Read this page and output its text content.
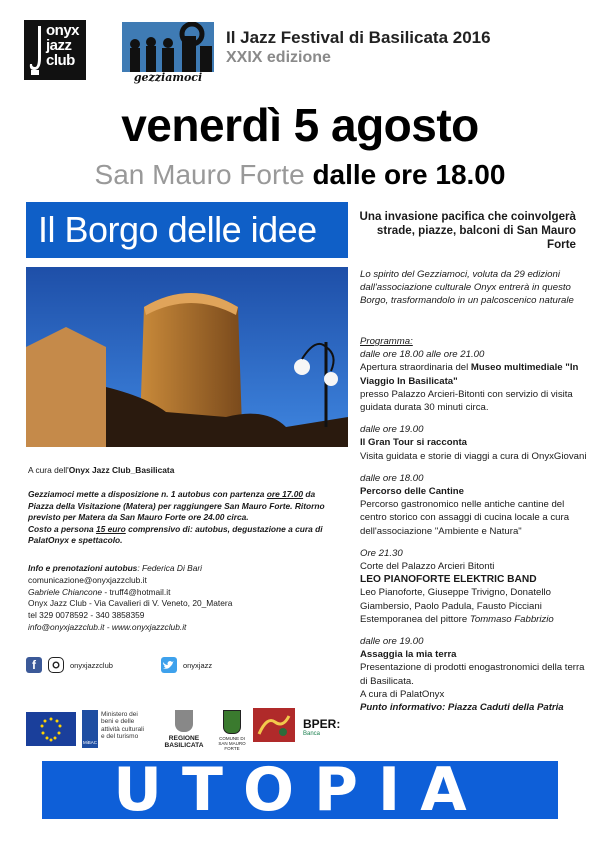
onyx jazz club
gezziamoci
Il Jazz Festival di Basilicata 2016
XXIX edizione
venerdì 5 agosto
San Mauro Forte dalle ore 18.00
Il Borgo delle idee	Una invasione pacifica che coinvolgerà strade, piazze, balconi di San Mauro Forte
Lo spirito del Gezziamoci, voluta da 29 edizioni dall'associazione culturale Onyx entrerà in questo Borgo, trasformandolo in un palcoscenico naturale
Programma:
dalle ore 18.00 alle ore 21.00
Apertura straordinaria del Museo multimediale "In Viaggio In Basilicata"
presso Palazzo Arcieri-Bitonti con servizio di visita guidata durata 30 minuti circa.
dalle ore 19.00
Il Gran Tour si racconta
Visita guidata e storie di viaggi a cura di OnyxGiovani
dalle ore 18.00
Percorso delle Cantine
Percorso gastronomico nelle antiche cantine del centro storico con assaggi di cucina locale a cura dell'associazione "Ambiente e Natura"
Ore 21.30
Corte del Palazzo Arcieri Bitonti
LEO PIANOFORTE ELEKTRIC BAND
Leo Pianoforte, Giuseppe Trivigno, Donatello Giambersio, Paolo Padula, Fausto Picciani Estemporanea del pittore Tommaso Fabbrizio
dalle ore 19.00
Assaggia la mia terra
Presentazione di prodotti enogastronomici della terra di Basilicata.
A cura di PalatOnyx
Punto informativo: Piazza Caduti della Patria
A cura dell'Onyx Jazz Club_Basilicata
Gezziamoci mette a disposizione n. 1 autobus con partenza ore 17.00 da Piazza della Visitazione (Matera) per raggiungere San Mauro Forte. Ritorno previsto per Matera da San Mauro Forte ore 24.00 circa.
Costo a persona 15 euro comprensivo di: autobus, degustazione a cura di PalatOnyx e spettacolo.
Info e prenotazioni autobus: Federica Di Bari
comunicazione@onyxjazzclub.it
Gabriele Chiancone - truff4@hotmail.it
Onyx Jazz Club - Via Cavalieri di V. Veneto, 20_Matera
tel 329 0078592 - 340 3858359
info@onyxjazzclub.it - www.onyxjazzclub.it
f	onyxjazzclub	onyxjazz
MiBAC
Ministero dei beni e delle attività culturali e del turismo	REGIONE BASILICATA
COMUNE DI SAN MAURO FORTE
BPER:
Banca
UTOPIA
